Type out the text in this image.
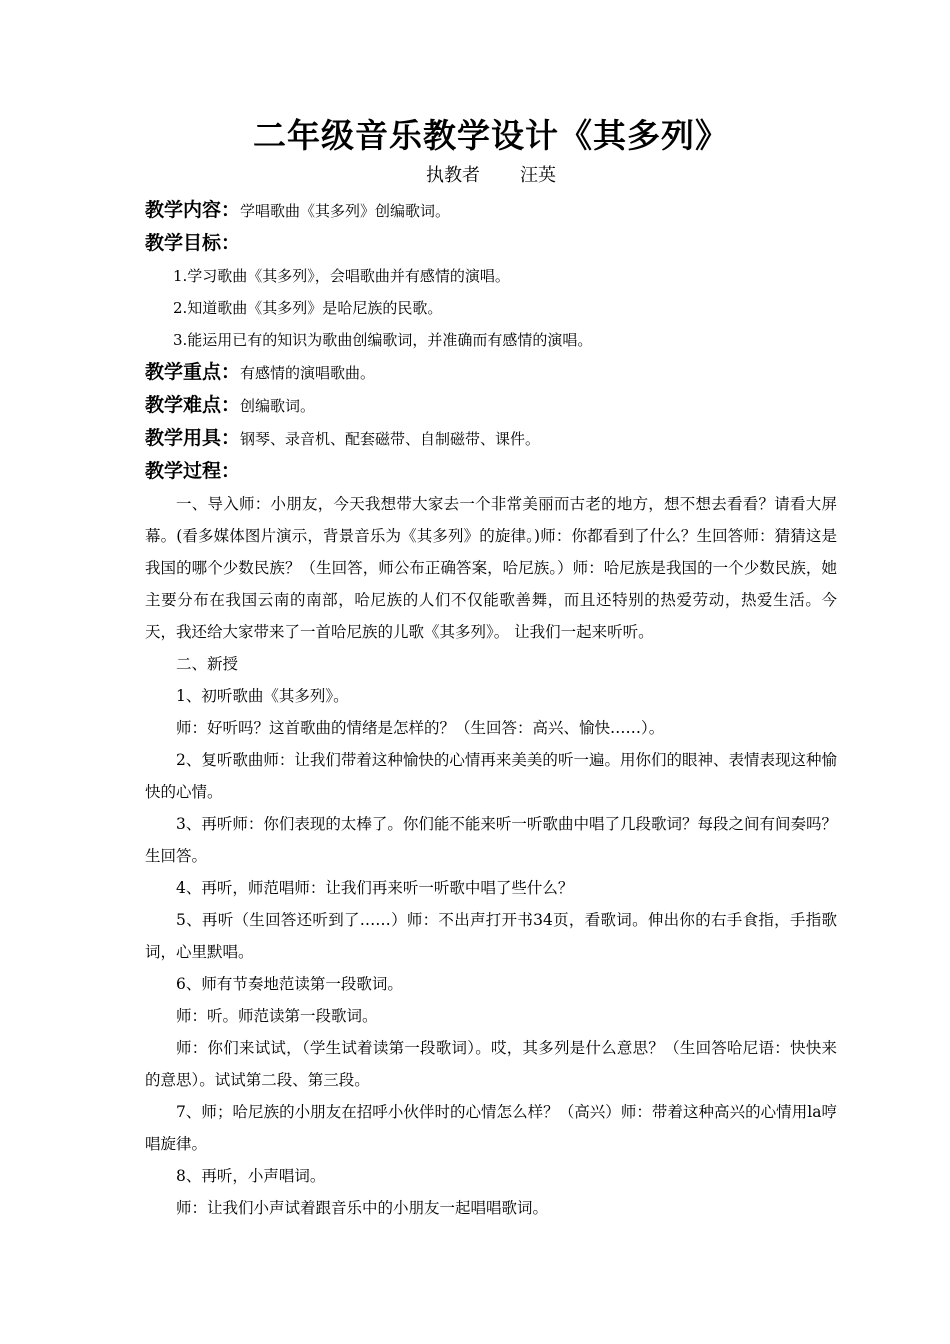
二年级音乐教学设计《其多列》

执教者 汪英

教学内容：学唱歌曲《其多列》创编歌词。

教学目标：

1.学习歌曲《其多列》，会唱歌曲并有感情的演唱。

2.知道歌曲《其多列》是哈尼族的民歌。

3.能运用已有的知识为歌曲创编歌词，并准确而有感情的演唱。

教学重点：有感情的演唱歌曲。

教学难点：创编歌词。

教学用具：钢琴、录音机、配套磁带、自制磁带、课件。

教学过程：

一、导入师：小朋友，今天我想带大家去一个非常美丽而古老的地方，想不想去看看？请看大屏幕。(看多媒体图片演示，背景音乐为《其多列》的旋律。)师：你都看到了什么？生回答师：猜猜这是我国的哪个少数民族？（生回答，师公布正确答案，哈尼族。）师：哈尼族是我国的一个少数民族，她主要分布在我国云南的南部，哈尼族的人们不仅能歌善舞，而且还特别的热爱劳动，热爱生活。今天，我还给大家带来了一首哈尼族的儿歌《其多列》。 让我们一起来听听。

二、新授

1、初听歌曲《其多列》。

师：好听吗？这首歌曲的情绪是怎样的？（生回答：高兴、愉快……）。

2、复听歌曲师：让我们带着这种愉快的心情再来美美的听一遍。用你们的眼神、表情表现这种愉快的心情。

3、再听师：你们表现的太棒了。你们能不能来听一听歌曲中唱了几段歌词？每段之间有间奏吗？生回答。

4、再听，师范唱师：让我们再来听一听歌中唱了些什么？

5、再听（生回答还听到了……）师：不出声打开书34页，看歌词。伸出你的右手食指，手指歌词，心里默唱。

6、师有节奏地范读第一段歌词。

师：听。师范读第一段歌词。

师：你们来试试，（学生试着读第一段歌词）。哎，其多列是什么意思？（生回答哈尼语：快快来的意思）。试试第二段、第三段。

7、师；哈尼族的小朋友在招呼小伙伴时的心情怎么样？（高兴）师：带着这种高兴的心情用la哼唱旋律。

8、再听，小声唱词。

师：让我们小声试着跟音乐中的小朋友一起唱唱歌词。
